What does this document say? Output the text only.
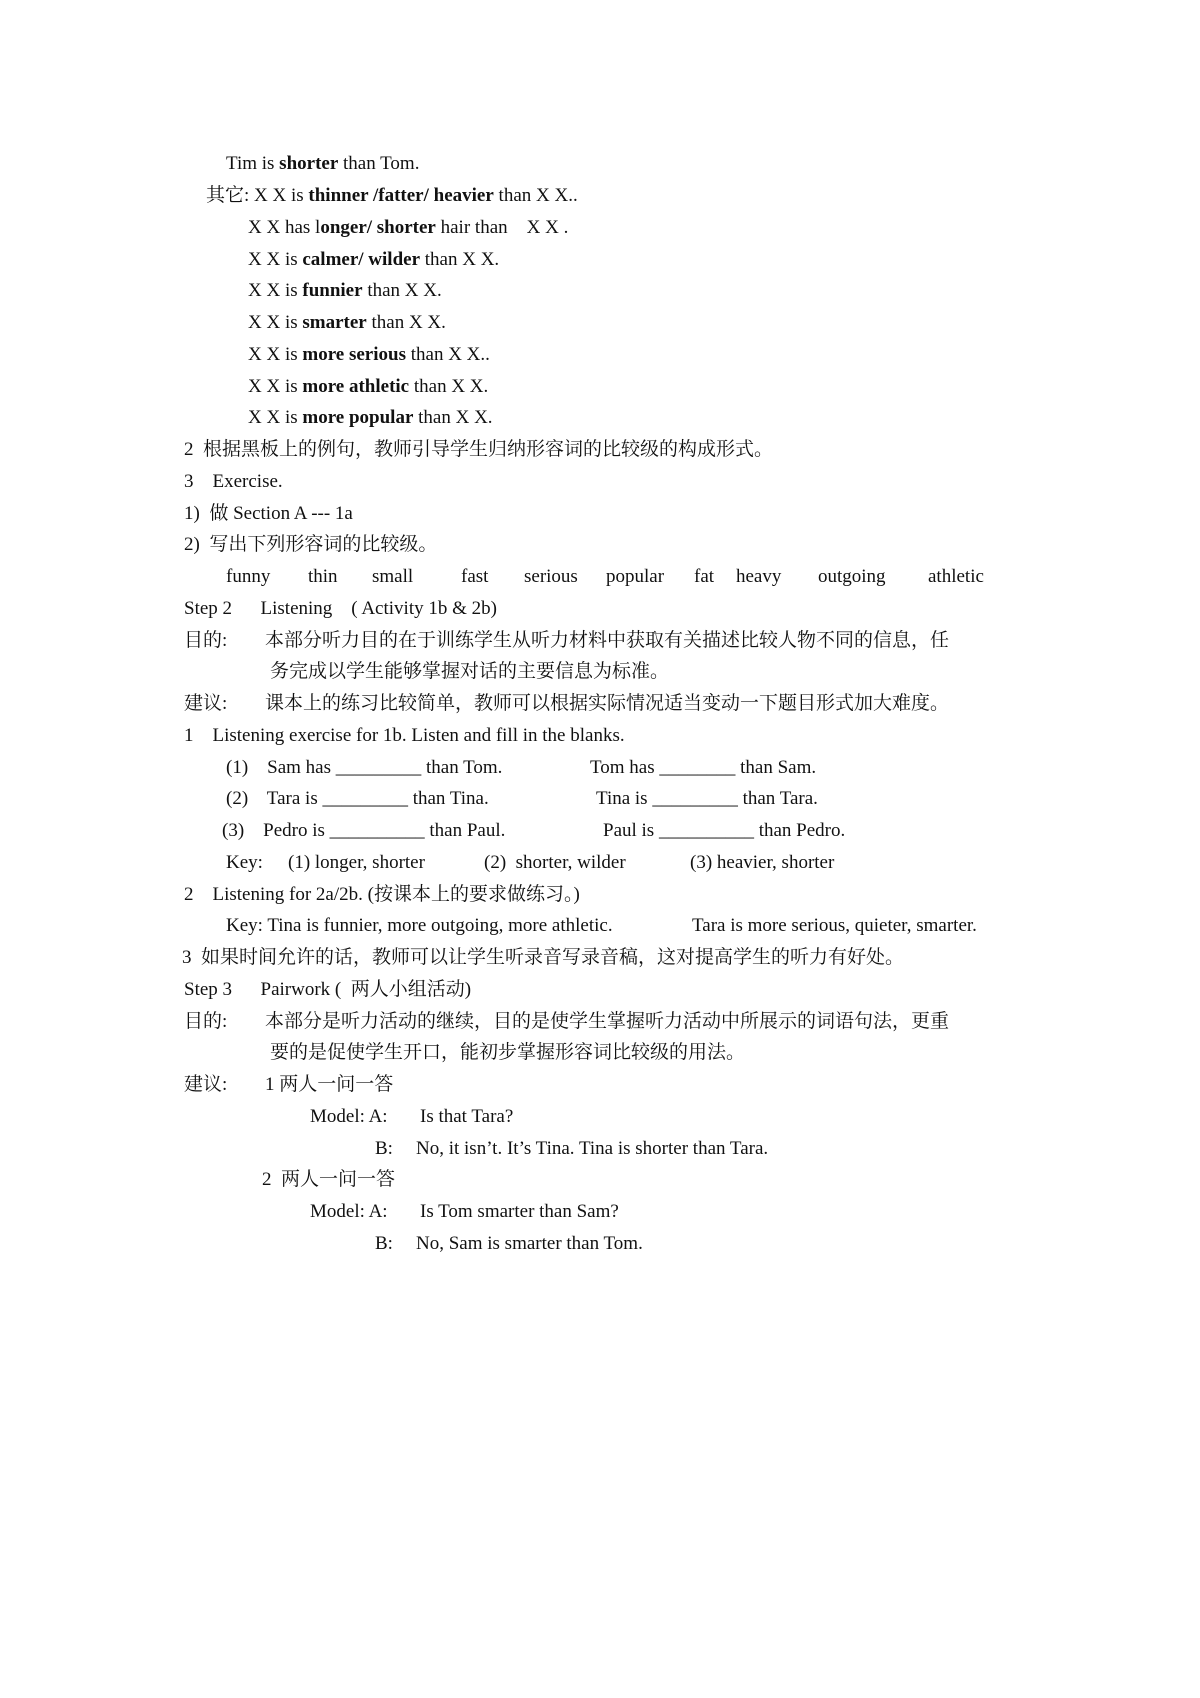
Tim is shorter than Tom.
其它: X X is thinner /fatter/ heavier than X X..
X X has longer/ shorter hair than    X X .
X X is calmer/ wilder than X X.
X X is funnier than X X.
X X is smarter than X X.
X X is more serious than X X..
X X is more athletic than X X.
X X is more popular than X X.
2  根据黑板上的例句，教师引导学生归纳形容词的比较级的构成形式。
3    Exercise.
1)  做 Section A --- 1a
2)  写出下列形容词的比较级。
funny thin small	fast serious popular fat heavy outgoing athletic
Step 2      Listening    ( Activity 1b & 2b)
目的: 本部分听力目的在于训练学生从听力材料中获取有关描述比较人物不同的信息，任
务完成以学生能够掌握对话的主要信息为标准。
建议: 课本上的练习比较简单，教师可以根据实际情况适当变动一下题目形式加大难度。
1    Listening exercise for 1b. Listen and fill in the blanks.
(1)    Sam has _________ than Tom.	Tom has ________ than Sam.
(2)    Tara is _________ than Tina.	Tina is _________ than Tara.
(3)    Pedro is __________ than Paul.	Paul is __________ than Pedro.
Key: (1) longer, shorter	(2)  shorter, wilder	(3) heavier, shorter
2    Listening for 2a/2b. (按课本上的要求做练习。)
Key: Tina is funnier, more outgoing, more athletic.	Tara is more serious, quieter, smarter.
3  如果时间允许的话，教师可以让学生听录音写录音稿，这对提高学生的听力有好处。
Step 3      Pairwork (  两人小组活动)
目的: 本部分是听力活动的继续，目的是使学生掌握听力活动中所展示的词语句法，更重
要的是促使学生开口，能初步掌握形容词比较级的用法。
建议: 1 两人一问一答
Model: A: Is that Tara?
B: No, it isn’t. It’s Tina. Tina is shorter than Tara.
2  两人一问一答
Model: A: Is Tom smarter than Sam?
B: No, Sam is smarter than Tom.
